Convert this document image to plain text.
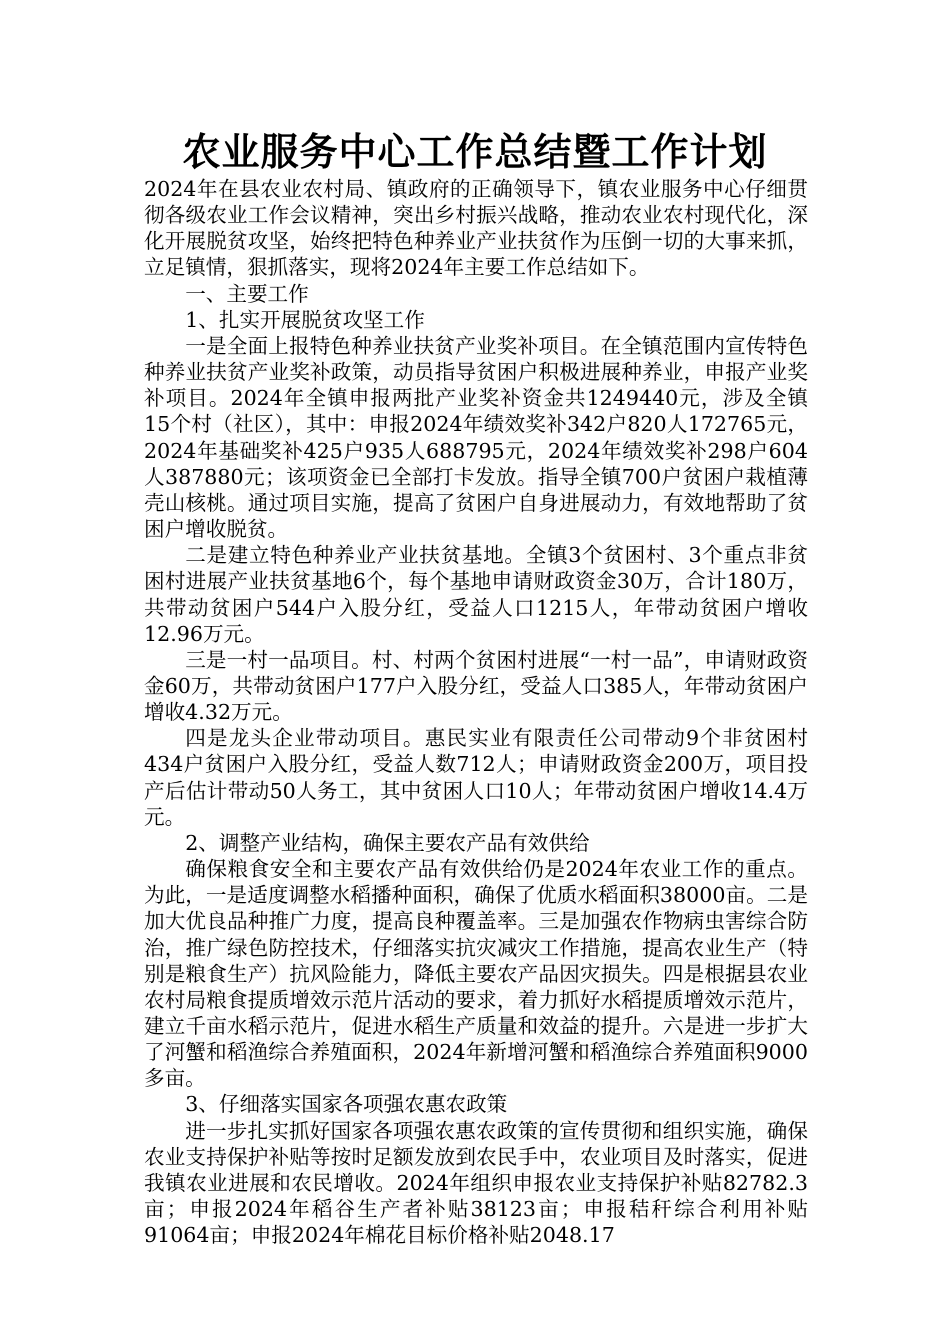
农业服务中心工作总结暨工作计划

2024年在县农业农村局、镇政府的正确领导下，镇农业服务中心仔细贯彻各级农业工作会议精神，突出乡村振兴战略，推动农业农村现代化，深化开展脱贫攻坚，始终把特色种养业产业扶贫作为压倒一切的大事来抓，立足镇情，狠抓落实，现将2024年主要工作总结如下。

一、主要工作

1、扎实开展脱贫攻坚工作

一是全面上报特色种养业扶贫产业奖补项目。在全镇范围内宣传特色种养业扶贫产业奖补政策，动员指导贫困户积极进展种养业，申报产业奖补项目。2024年全镇申报两批产业奖补资金共1249440元，涉及全镇15个村（社区），其中：申报2024年绩效奖补342户820人172765元，2024年基础奖补425户935人688795元，2024年绩效奖补298户604人387880元；该项资金已全部打卡发放。指导全镇700户贫困户栽植薄壳山核桃。通过项目实施，提高了贫困户自身进展动力，有效地帮助了贫困户增收脱贫。

二是建立特色种养业产业扶贫基地。全镇3个贫困村、3个重点非贫困村进展产业扶贫基地6个，每个基地申请财政资金30万，合计180万，共带动贫困户544户入股分红，受益人口1215人，年带动贫困户增收12.96万元。

三是一村一品项目。村、村两个贫困村进展“一村一品”，申请财政资金60万，共带动贫困户177户入股分红，受益人口385人，年带动贫困户增收4.32万元。

四是龙头企业带动项目。惠民实业有限责任公司带动9个非贫困村434户贫困户入股分红，受益人数712人；申请财政资金200万，项目投产后估计带动50人务工，其中贫困人口10人；年带动贫困户增收14.4万元。

2、调整产业结构，确保主要农产品有效供给

确保粮食安全和主要农产品有效供给仍是2024年农业工作的重点。为此，一是适度调整水稻播种面积，确保了优质水稻面积38000亩。二是加大优良品种推广力度，提高良种覆盖率。三是加强农作物病虫害综合防治，推广绿色防控技术，仔细落实抗灾减灾工作措施，提高农业生产（特别是粮食生产）抗风险能力，降低主要农产品因灾损失。四是根据县农业农村局粮食提质增效示范片活动的要求，着力抓好水稻提质增效示范片，建立千亩水稻示范片，促进水稻生产质量和效益的提升。六是进一步扩大了河蟹和稻渔综合养殖面积，2024年新增河蟹和稻渔综合养殖面积9000多亩。

3、仔细落实国家各项强农惠农政策

进一步扎实抓好国家各项强农惠农政策的宣传贯彻和组织实施，确保农业支持保护补贴等按时足额发放到农民手中，农业项目及时落实，促进我镇农业进展和农民增收。2024年组织申报农业支持保护补贴82782.3亩；申报2024年稻谷生产者补贴38123亩；申报秸秆综合利用补贴91064亩；申报2024年棉花目标价格补贴2048.17
